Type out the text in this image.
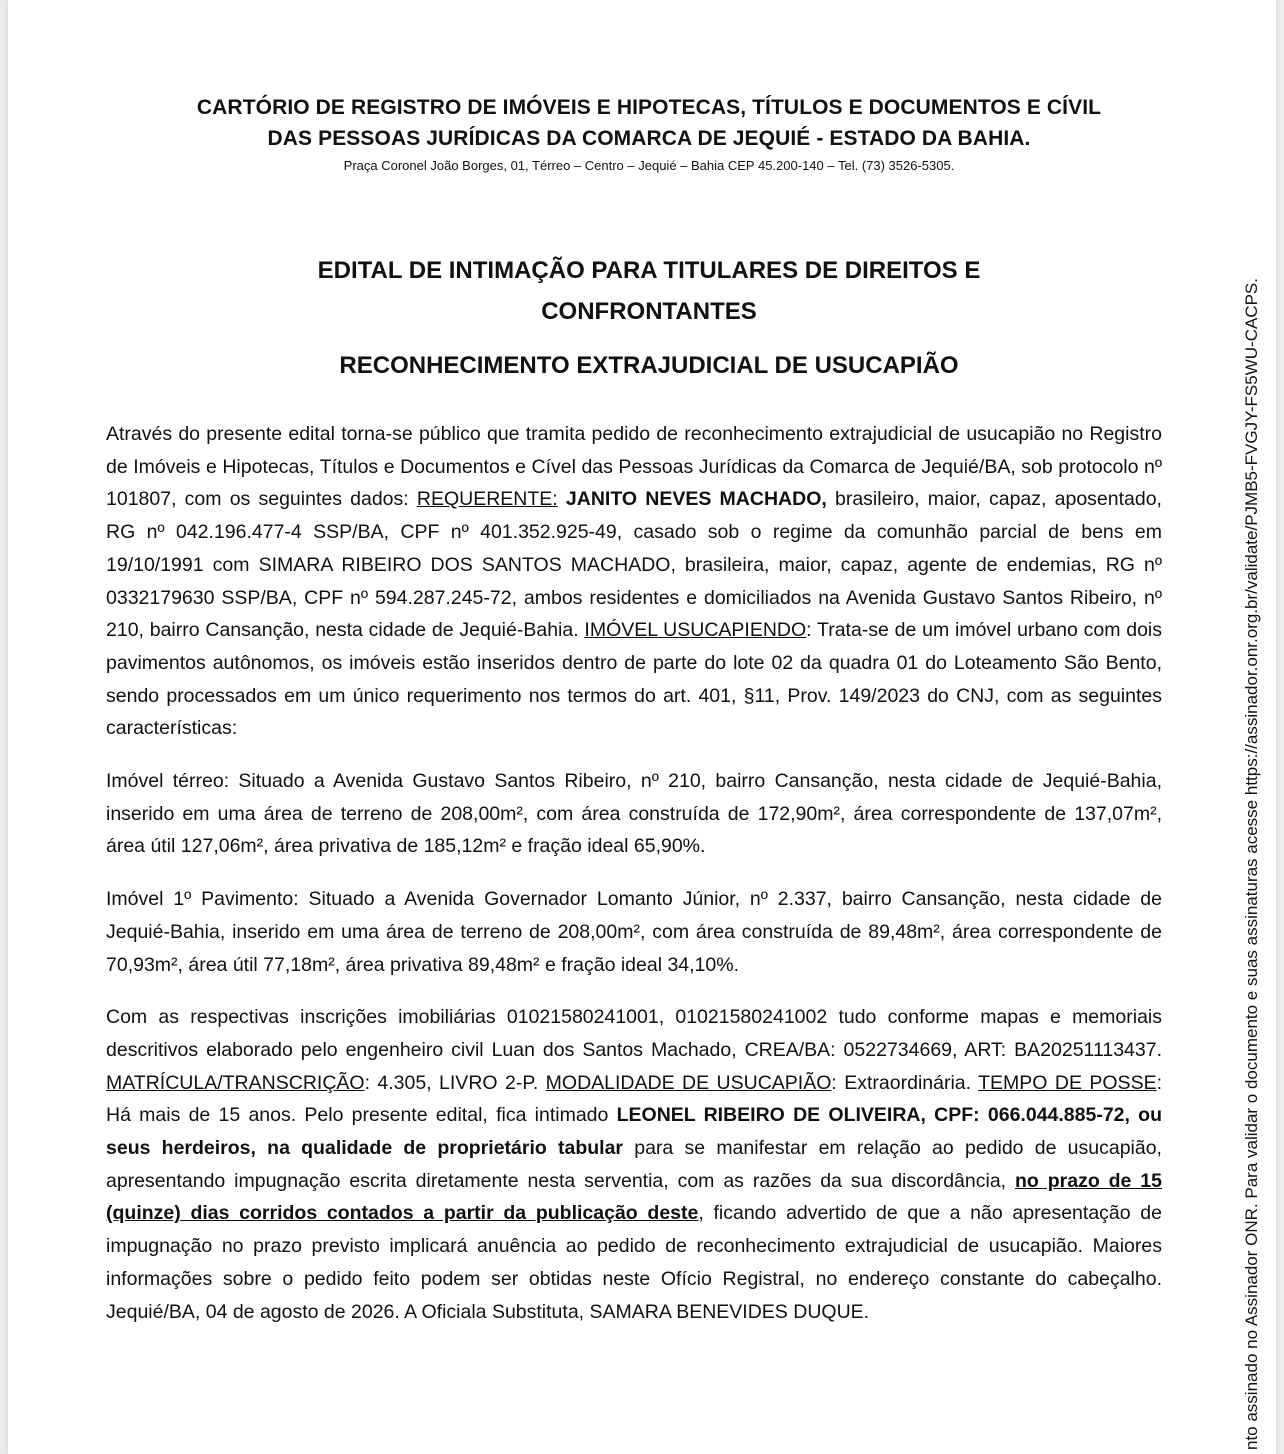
CARTÓRIO DE REGISTRO DE IMÓVEIS E HIPOTECAS, TÍTULOS E DOCUMENTOS E CÍVIL
DAS PESSOAS JURÍDICAS DA COMARCA DE JEQUIÉ - ESTADO DA BAHIA.
Praça Coronel João Borges, 01, Térreo – Centro – Jequié – Bahia CEP 45.200-140 – Tel. (73) 3526-5305.
EDITAL DE INTIMAÇÃO PARA TITULARES DE DIREITOS E
CONFRONTANTES
RECONHECIMENTO EXTRAJUDICIAL DE USUCAPIÃO

Através do presente edital torna-se público que tramita pedido de reconhecimento extrajudicial de usucapião no Registro de Imóveis e Hipotecas, Títulos e Documentos e Cível das Pessoas Jurídicas da Comarca de Jequié/BA, sob protocolo nº 101807, com os seguintes dados: REQUERENTE: JANITO NEVES MACHADO, brasileiro, maior, capaz, aposentado, RG nº 042.196.477-4 SSP/BA, CPF nº 401.352.925-49, casado sob o regime da comunhão parcial de bens em 19/10/1991 com SIMARA RIBEIRO DOS SANTOS MACHADO, brasileira, maior, capaz, agente de endemias, RG nº 0332179630 SSP/BA, CPF nº 594.287.245-72, ambos residentes e domiciliados na Avenida Gustavo Santos Ribeiro, nº 210, bairro Cansanção, nesta cidade de Jequié-Bahia. IMÓVEL USUCAPIENDO: Trata-se de um imóvel urbano com dois pavimentos autônomos, os imóveis estão inseridos dentro de parte do lote 02 da quadra 01 do Loteamento São Bento, sendo processados em um único requerimento nos termos do art. 401, §11, Prov. 149/2023 do CNJ, com as seguintes características:

Imóvel térreo: Situado a Avenida Gustavo Santos Ribeiro, nº 210, bairro Cansanção, nesta cidade de Jequié-Bahia, inserido em uma área de terreno de 208,00m², com área construída de 172,90m², área correspondente de 137,07m², área útil 127,06m², área privativa de 185,12m² e fração ideal 65,90%.

Imóvel 1º Pavimento: Situado a Avenida Governador Lomanto Júnior, nº 2.337, bairro Cansanção, nesta cidade de Jequié-Bahia, inserido em uma área de terreno de 208,00m², com área construída de 89,48m², área correspondente de 70,93m², área útil 77,18m², área privativa 89,48m² e fração ideal 34,10%.

Com as respectivas inscrições imobiliárias 01021580241001, 01021580241002 tudo conforme mapas e memoriais descritivos elaborado pelo engenheiro civil Luan dos Santos Machado, CREA/BA: 0522734669, ART: BA20251113437. MATRÍCULA/TRANSCRIÇÃO: 4.305, LIVRO 2-P. MODALIDADE DE USUCAPIÃO: Extraordinária. TEMPO DE POSSE: Há mais de 15 anos. Pelo presente edital, fica intimado LEONEL RIBEIRO DE OLIVEIRA, CPF: 066.044.885-72, ou seus herdeiros, na qualidade de proprietário tabular para se manifestar em relação ao pedido de usucapião, apresentando impugnação escrita diretamente nesta serventia, com as razões da sua discordância, no prazo de 15 (quinze) dias corridos contados a partir da publicação deste, ficando advertido de que a não apresentação de impugnação no prazo previsto implicará anuência ao pedido de reconhecimento extrajudicial de usucapião. Maiores informações sobre o pedido feito podem ser obtidas neste Ofício Registral, no endereço constante do cabeçalho. Jequié/BA, 04 de agosto de 2026. A Oficiala Substituta, SAMARA BENEVIDES DUQUE.	nto assinado no Assinador ONR. Para validar o documento e suas assinaturas acesse https://assinador.onr.org.br/validate/PJMB5-FVGJY-FS5WU-CACPS.
